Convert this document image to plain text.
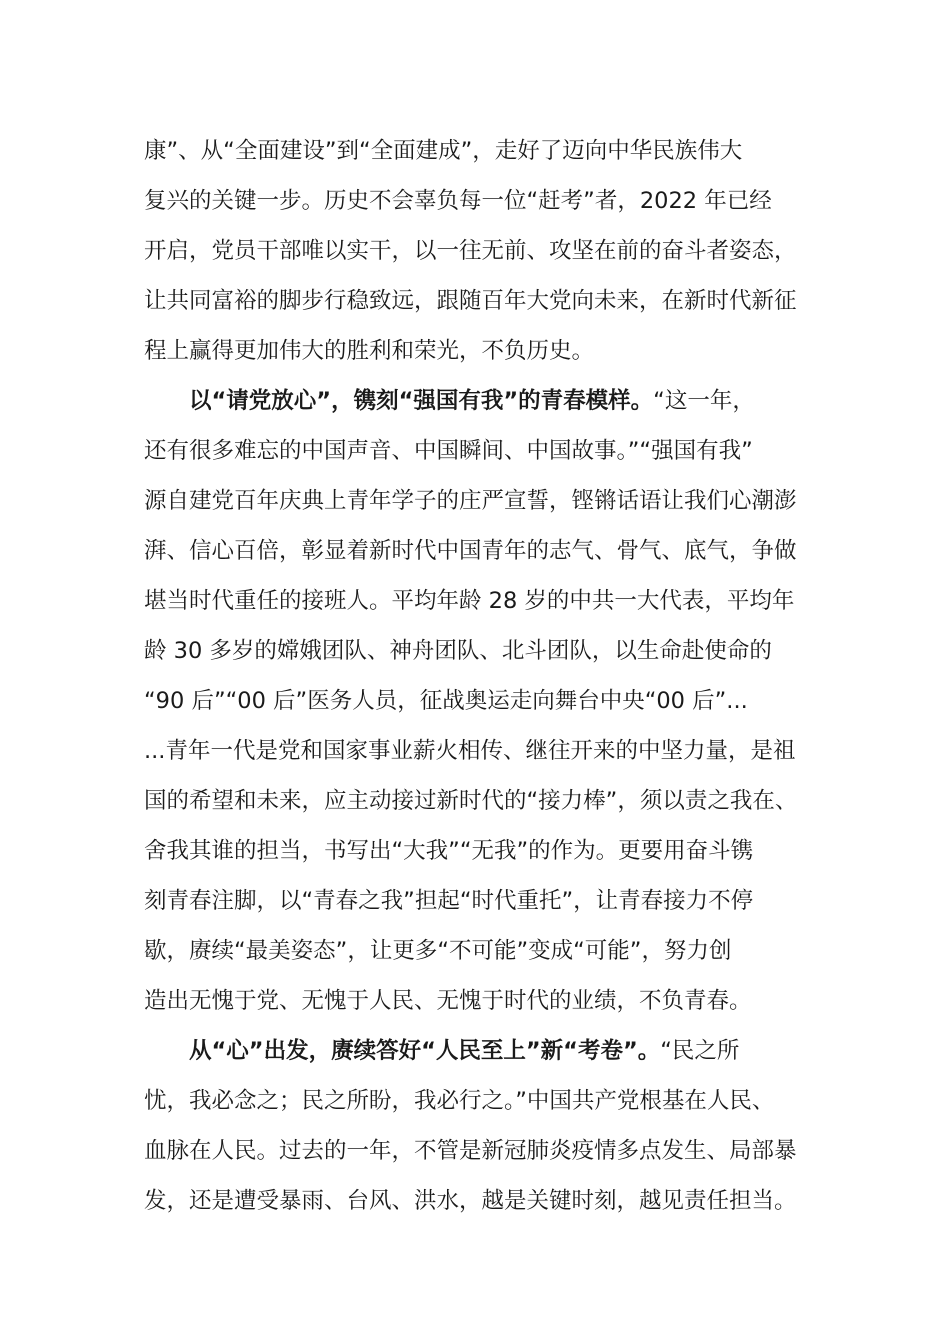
康”、从“全面建设”到“全面建成”，走好了迈向中华民族伟大
复兴的关键一步。历史不会辜负每一位“赶考”者，2022 年已经
开启，党员干部唯以实干，以一往无前、攻坚在前的奋斗者姿态，
让共同富裕的脚步行稳致远，跟随百年大党向未来，在新时代新征
程上赢得更加伟大的胜利和荣光，不负历史。

以“请党放心”，镌刻“强国有我”的青春模样。“这一年，
还有很多难忘的中国声音、中国瞬间、中国故事。”“强国有我”
源自建党百年庆典上青年学子的庄严宣誓，铿锵话语让我们心潮澎
湃、信心百倍，彰显着新时代中国青年的志气、骨气、底气，争做
堪当时代重任的接班人。平均年龄 28 岁的中共一大代表，平均年
龄 30 多岁的嫦娥团队、神舟团队、北斗团队，以生命赴使命的
“90 后”“00 后”医务人员，征战奥运走向舞台中央“00 后”...
...青年一代是党和国家事业薪火相传、继往开来的中坚力量，是祖
国的希望和未来，应主动接过新时代的“接力棒”，须以责之我在、
舍我其谁的担当，书写出“大我”“无我”的作为。更要用奋斗镌
刻青春注脚，以“青春之我”担起“时代重托”，让青春接力不停
歇，赓续“最美姿态”，让更多“不可能”变成“可能”，努力创
造出无愧于党、无愧于人民、无愧于时代的业绩，不负青春。

从“心”出发，赓续答好“人民至上”新“考卷”。“民之所
忧，我必念之；民之所盼，我必行之。”中国共产党根基在人民、
血脉在人民。过去的一年，不管是新冠肺炎疫情多点发生、局部暴
发，还是遭受暴雨、台风、洪水，越是关键时刻，越见责任担当。
